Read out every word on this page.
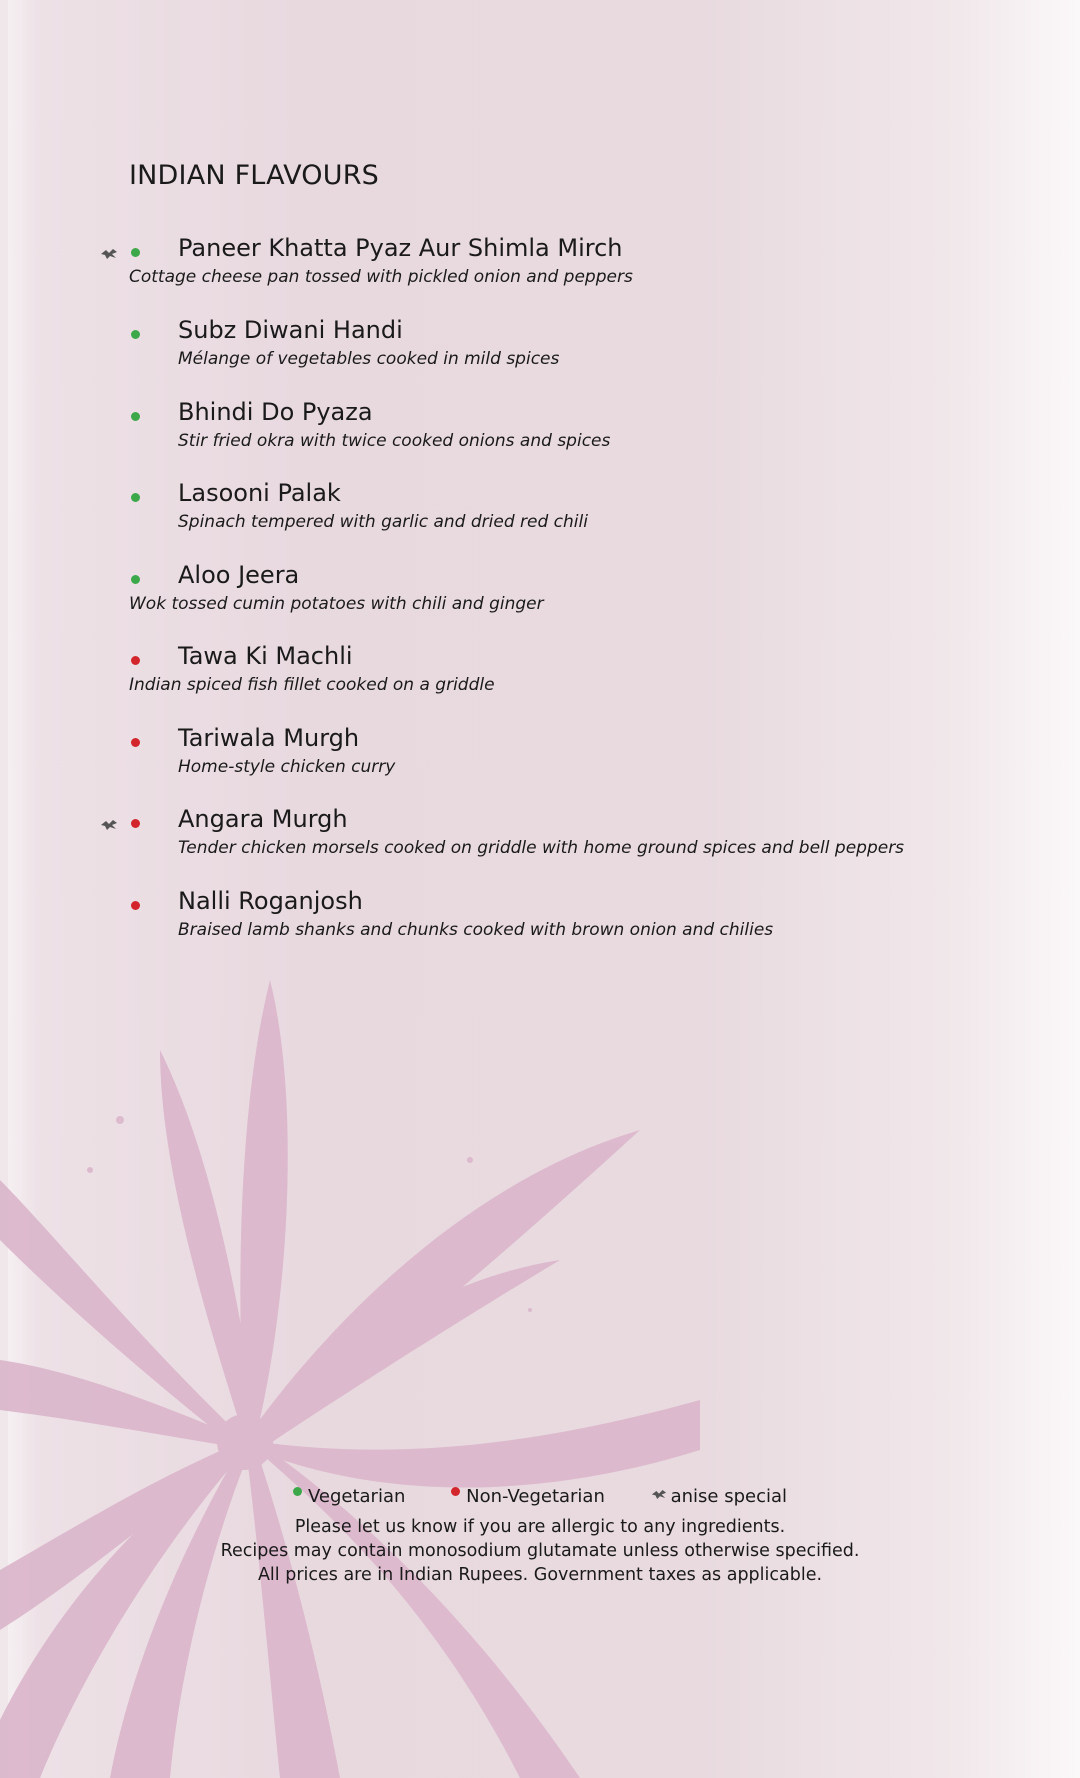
INDIAN FLAVOURS
Paneer Khatta Pyaz Aur Shimla Mirch
Cottage cheese pan tossed with pickled onion and peppers
Subz Diwani Handi
Mélange of vegetables cooked in mild spices
Bhindi Do Pyaza
Stir fried okra with twice cooked onions and spices
Lasooni Palak
Spinach tempered with garlic and dried red chili
Aloo Jeera
Wok tossed cumin potatoes with chili and ginger
Tawa Ki Machli
Indian spiced fish fillet cooked on a griddle
Tariwala Murgh
Home-style chicken curry
Angara Murgh
Tender chicken morsels cooked on griddle with home ground spices and bell peppers
Nalli Roganjosh
Braised lamb shanks and chunks cooked with brown onion and chilies
Vegetarian	Non-Vegetarian	anise special

Please let us know if you are allergic to any ingredients.

Recipes may contain monosodium glutamate unless otherwise specified.

All prices are in Indian Rupees. Government taxes as applicable.
